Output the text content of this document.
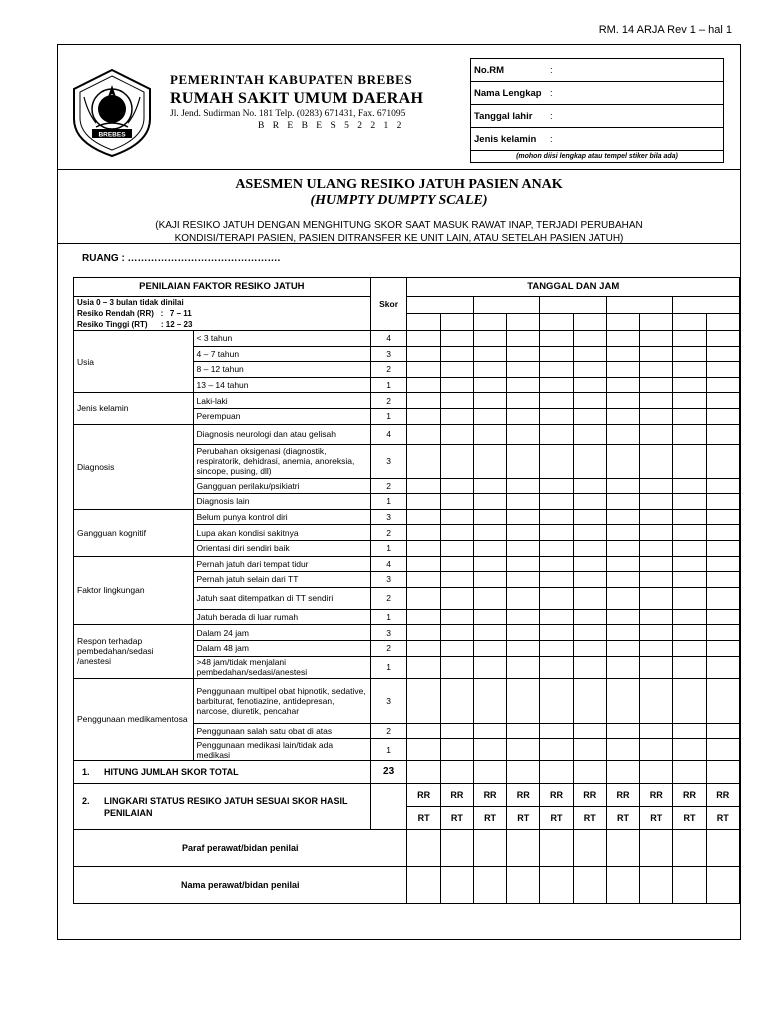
RM. 14 ARJA Rev 1 – hal 1
BREBES
PEMERINTAH KABUPATEN BREBES
RUMAH SAKIT UMUM DAERAH
Jl. Jend. Sudirman No. 181 Telp. (0283) 671431, Fax. 671095
B R E B E S 5 2 2 1 2
No.RM	:
Nama Lengkap	:
Tanggal lahir	:
Jenis kelamin	:
(mohon diisi lengkap atau tempel stiker bila ada)	
ASESMEN ULANG RESIKO JATUH PASIEN ANAK
(HUMPTY DUMPTY SCALE)
(KAJI RESIKO JATUH DENGAN MENGHITUNG SKOR SAAT MASUK RAWAT INAP, TERJADI PERUBAHAN
KONDISI/TERAPI PASIEN, PASIEN DITRANSFER KE UNIT LAIN, ATAU SETELAH PASIEN JATUH)
RUANG : ……………………………………….
PENILAIAN FAKTOR RESIKO JATUH		Skor	TANGGAL DAN JAM									

Usia 0 – 3 bulan tidak dinilai
Resiko Rendah (RR)   :   7 – 11
Resiko Tinggi (RT)      : 12 – 23												

Usia	< 3 tahun	4										
	4 – 7 tahun	3										
	8 – 12 tahun	2										
	13 – 14 tahun	1										
Jenis kelamin	Laki-laki	2										
	Perempuan	1										
Diagnosis	Diagnosis neurologi dan atau gelisah	4										
	Perubahan oksigenasi (diagnostik, respiratorik, dehidrasi, anemia, anoreksia, sincope, pusing, dll)	3										
	Gangguan perilaku/psikiatri	2										
	Diagnosis lain	1										
Gangguan kognitif	Belum punya kontrol diri	3										
	Lupa akan kondisi sakitnya	2										
	Orientasi diri sendiri baik	1										
Faktor lingkungan	Pernah jatuh dari tempat tidur	4										
	Pernah jatuh selain dari TT	3										
	Jatuh saat ditempatkan di TT sendiri	2										
	Jatuh berada di luar rumah	1										
Respon terhadap pembedahan/sedasi /anestesi	Dalam 24 jam	3										
	Dalam 48 jam	2										
	>48 jam/tidak menjalani pembedahan/sedasi/anestesi	1										
Penggunaan medikamentosa	Penggunaan multipel obat hipnotik, sedative, barbiturat, fenotiazine, antidepresan, narcose, diuretik, pencahar	3										
	Penggunaan salah satu obat di atas	2										
	Penggunaan medikasi lain/tidak ada medikasi	1										
1. HITUNG JUMLAH SKOR TOTAL		23										

2. LINGKARI STATUS RESIKO JATUH SESUAI SKOR HASIL PENILAIAN			RR	RR	RR	RR	RR	RR	RR	RR	RR	RR
			RT	RT	RT	RT	RT	RT	RT	RT	RT	RT
Paraf perawat/bidan penilai												
Nama perawat/bidan penilai												
